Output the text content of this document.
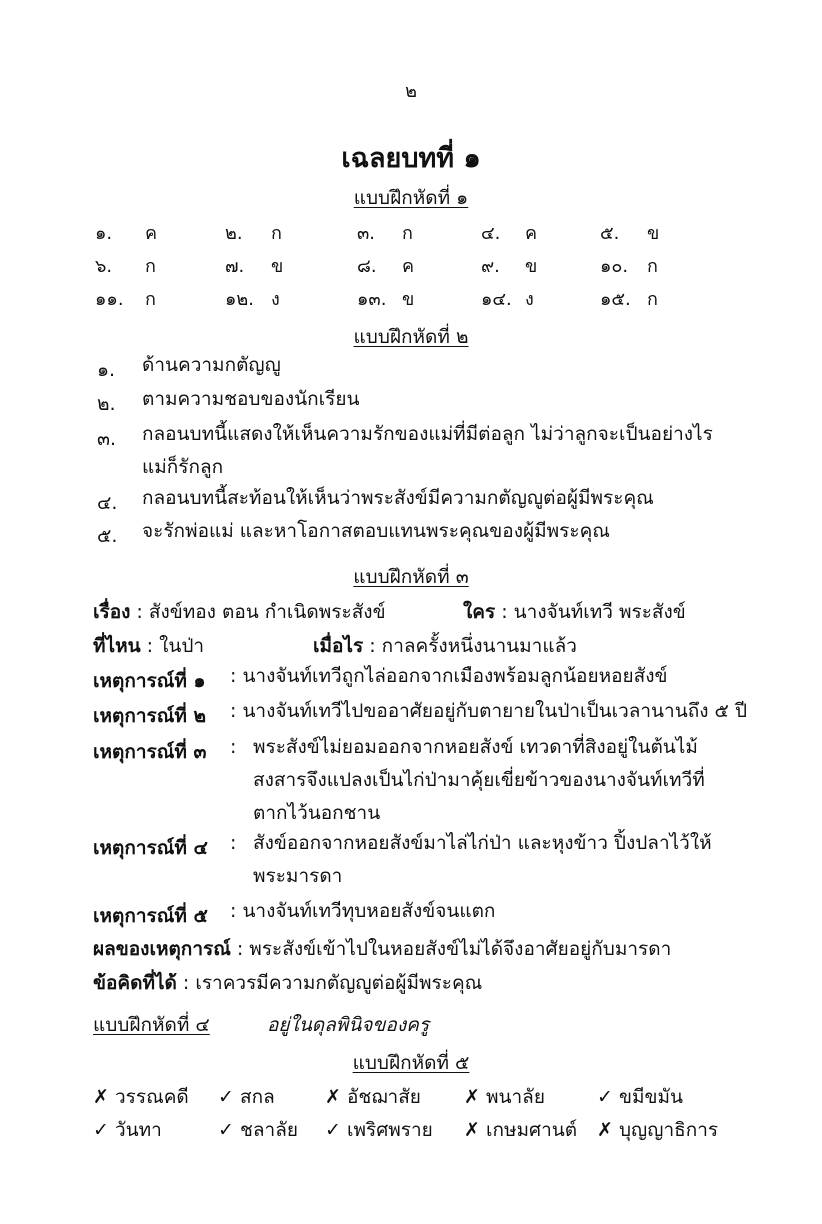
๒
เฉลยบทที่ ๑
แบบฝึกหัดที่ ๑
๑. ค	๒. ก	๓. ก	๔. ค	๕. ข
๖. ก	๗. ข	๘. ค	๙. ข	๑๐. ก
๑๑. ก	๑๒. ง	๑๓. ข	๑๔. ง	๑๕. ก
แบบฝึกหัดที่ ๒
๑. ด้านความกตัญญู
๒. ตามความชอบของนักเรียน
๓. กลอนบทนี้แสดงให้เห็นความรักของแม่ที่มีต่อลูก ไม่ว่าลูกจะเป็นอย่างไร แม่ก็รักลูก
๔. กลอนบทนี้สะท้อนให้เห็นว่าพระสังข์มีความกตัญญูต่อผู้มีพระคุณ
๕. จะรักพ่อแม่ และหาโอกาสตอบแทนพระคุณของผู้มีพระคุณ
แบบฝึกหัดที่ ๓
เรื่อง : สังข์ทอง ตอน กำเนิดพระสังข์	ใคร : นางจันท์เทวี พระสังข์
ที่ไหน : ในป่า	เมื่อไร : กาลครั้งหนึ่งนานมาแล้ว
เหตุการณ์ที่ ๑ : นางจันท์เทวีถูกไล่ออกจากเมืองพร้อมลูกน้อยหอยสังข์
เหตุการณ์ที่ ๒ : นางจันท์เทวีไปขออาศัยอยู่กับตายายในป่าเป็นเวลานานถึง ๕ ปี
เหตุการณ์ที่ ๓ : พระสังข์ไม่ยอมออกจากหอยสังข์ เทวดาที่สิงอยู่ในต้นไม้สงสารจึงแปลงเป็นไก่ป่ามาคุ้ยเขี่ยข้าวของนางจันท์เทวีที่ตากไว้นอกชาน
เหตุการณ์ที่ ๔ : สังข์ออกจากหอยสังข์มาไล่ไก่ป่า และหุงข้าว ปิ้งปลาไว้ให้พระมารดา
เหตุการณ์ที่ ๕ : นางจันท์เทวีทุบหอยสังข์จนแตก
ผลของเหตุการณ์ : พระสังข์เข้าไปในหอยสังข์ไม่ได้จึงอาศัยอยู่กับมารดา
ข้อคิดที่ได้ : เราควรมีความกตัญญูต่อผู้มีพระคุณ
แบบฝึกหัดที่ ๔	อยู่ในดุลพินิจของครู
แบบฝึกหัดที่ ๕
✗ วรรณคดี ✓ สกล	✗ อัชฌาสัย ✗ พนาลัย	✓ ขมีขมัน
✓ วันทา	✓ ชลาลัย ✓ เพริศพราย ✗ เกษมศานต์ ✗ บุญญาธิการ
